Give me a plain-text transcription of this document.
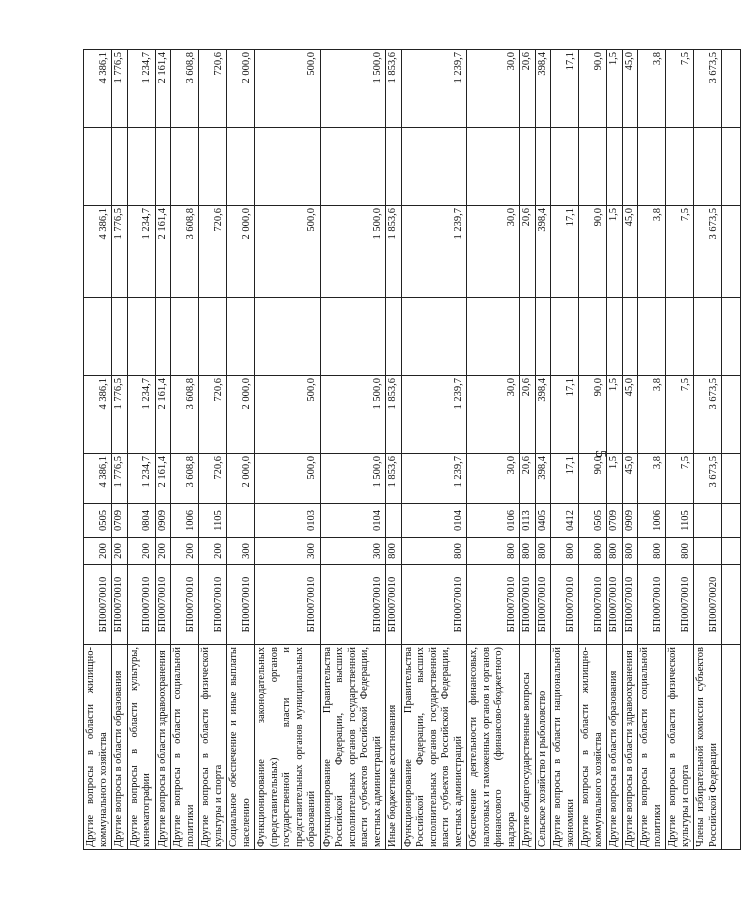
5
Другие вопросы в области жилищно-коммунального хозяйства	БП00070010	200	0505	4 386,1	4 386,1		4 386,1		4 386,1
Другие вопросы в области образования	БП00070010	200	0709	1 776,5	1 776,5		1 776,5		1 776,5
Другие вопросы в области культуры, кинематографии	БП00070010	200	0804	1 234,7	1 234,7		1 234,7		1 234,7
Другие вопросы в области здравоохранения	БП00070010	200	0909	2 161,4	2 161,4		2 161,4		2 161,4
Другие вопросы в области социальной политики	БП00070010	200	1006	3 608,8	3 608,8		3 608,8		3 608,8
Другие вопросы в области физической культуры и спорта	БП00070010	200	1105	720,6	720,6		720,6		720,6
Социальное обеспечение и иные выплаты населению	БП00070010	300		2 000,0	2 000,0		2 000,0		2 000,0
Функционирование законодательных (представительных) органов государственной власти и представительных органов муниципальных образований	БП00070010	300	0103	500,0	500,0		500,0		500,0
Функционирование Правительства Российской Федерации, высших исполнительных органов государственной власти субъектов Российской Федерации, местных администраций	БП00070010	300	0104	1 500,0	1 500,0		1 500,0		1 500,0
Иные бюджетные ассигнования	БП00070010	800		1 853,6	1 853,6		1 853,6		1 853,6
Функционирование Правительства Российской Федерации, высших исполнительных органов государственной власти субъектов Российской Федерации, местных администраций	БП00070010	800	0104	1 239,7	1 239,7		1 239,7		1 239,7
Обеспечение деятельности финансовых, налоговых и таможенных органов и органов финансового (финансово-бюджетного) надзора	БП00070010	800	0106	30,0	30,0		30,0		30,0
Другие общегосударственные вопросы	БП00070010	800	0113	20,6	20,6		20,6		20,6
Сельское хозяйство и рыболовство	БП00070010	800	0405	398,4	398,4		398,4		398,4
Другие вопросы в области национальной экономики	БП00070010	800	0412	17,1	17,1		17,1		17,1
Другие вопросы в области жилищно-коммунального хозяйства	БП00070010	800	0505	90,0	90,0		90,0		90,0
Другие вопросы в области образования	БП00070010	800	0709	1,5	1,5		1,5		1,5
Другие вопросы в области здравоохранения	БП00070010	800	0909	45,0	45,0		45,0		45,0
Другие вопросы в области социальной политики	БП00070010	800	1006	3,8	3,8		3,8		3,8
Другие вопросы в области физической культуры и спорта	БП00070010	800	1105	7,5	7,5		7,5		7,5
Члены избирательной комиссии субъектов Российской Федерации	БП00070020			3 673,5	3 673,5		3 673,5		3 673,5
